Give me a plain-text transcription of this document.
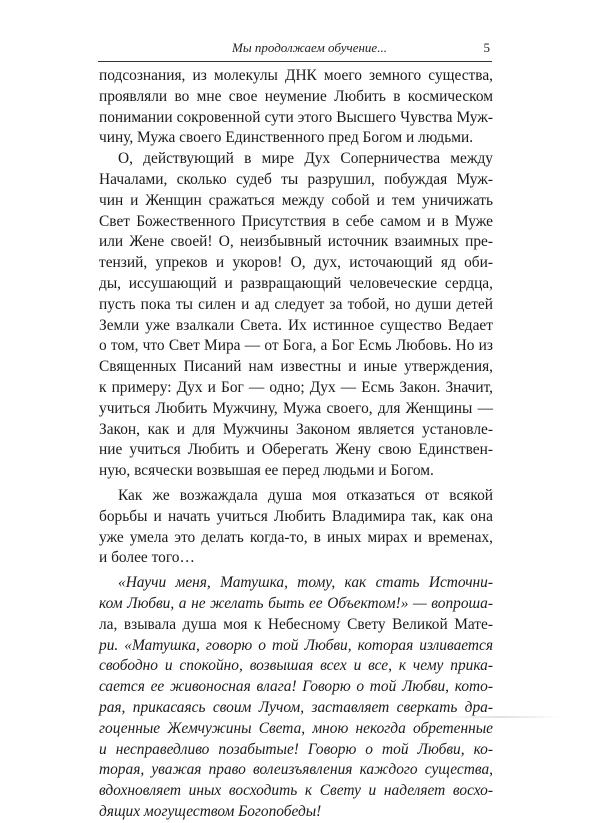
Мы продолжаем обучение...	5
подсознания, из молекулы ДНК моего земного существа,
проявляли во мне свое неумение Любить в космическом
понимании сокровенной сути этого Высшего Чувства Муж-
чину, Мужа своего Единственного пред Богом и людьми.
О, действующий в мире Дух Соперничества между
Началами, сколько судеб ты разрушил, побуждая Муж-
чин и Женщин сражаться между собой и тем уничижать
Свет Божественного Присутствия в себе самом и в Муже
или Жене своей! О, неизбывный источник взаимных пре-
тензий, упреков и укоров! О, дух, источающий яд оби-
ды, иссушающий и развращающий человеческие сердца,
пусть пока ты силен и ад следует за тобой, но души детей
Земли уже взалкали Света. Их истинное существо Ведает
о том, что Свет Мира — от Бога, а Бог Есмь Любовь. Но из
Священных Писаний нам известны и иные утверждения,
к примеру: Дух и Бог — одно; Дух — Есмь Закон. Значит,
учиться Любить Мужчину, Мужа своего, для Женщины —
Закон, как и для Мужчины Законом является установле-
ние учиться Любить и Оберегать Жену свою Единствен-
ную, всячески возвышая ее перед людьми и Богом.
Как же возжаждала душа моя отказаться от всякой
борьбы и начать учиться Любить Владимира так, как она
уже умела это делать когда-то, в иных мирах и временах,
и более того…
«Научи меня, Матушка, тому, как стать Источни-
ком Любви, а не желать быть ее Объектом!» — вопроша-
ла, взывала душа моя к Небесному Свету Великой Мате-
ри. «Матушка, говорю о той Любви, которая изливается
свободно и спокойно, возвышая всех и все, к чему прика-
сается ее живоносная влага! Говорю о той Любви, кото-
рая, прикасаясь своим Лучом, заставляет сверкать дра-
гоценные Жемчужины Света, мною некогда обретенные
и несправедливо позабытые! Говорю о той Любви, ко-
торая, уважая право волеизъявления каждого существа,
вдохновляет иных восходить к Свету и наделяет восхо-
дящих могуществом Богопобеды!
